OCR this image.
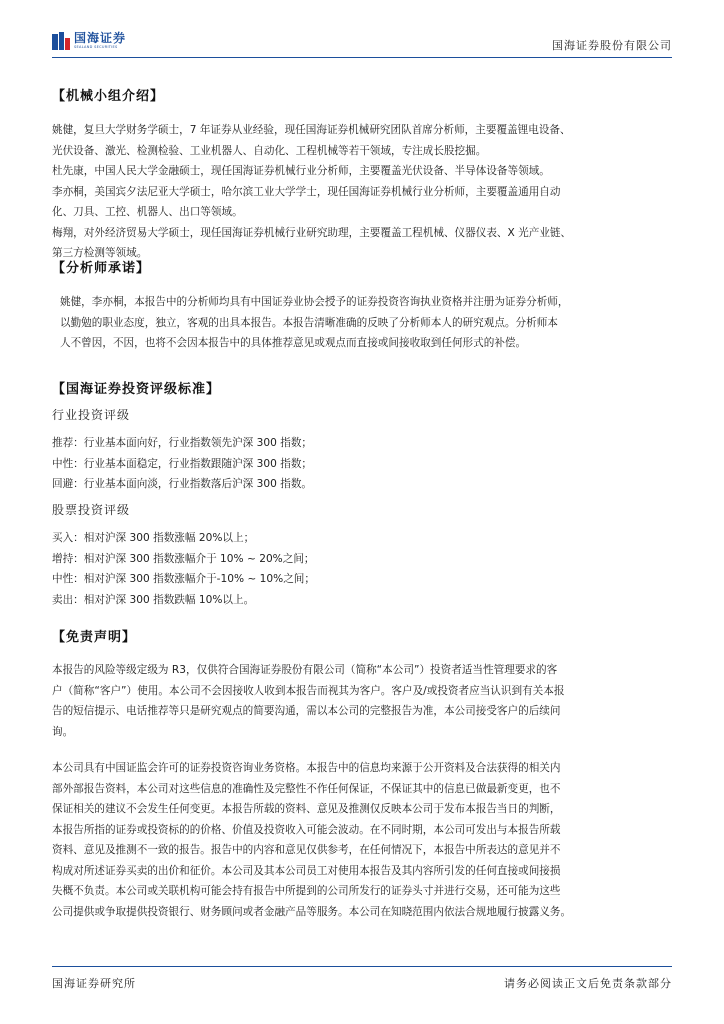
国海证券
SEALAND SECURITIES	国海证券股份有限公司
【机械小组介绍】
姚健，复旦大学财务学硕士，7 年证券从业经验，现任国海证券机械研究团队首席分析师，主要覆盖锂电设备、
光伏设备、激光、检测检验、工业机器人、自动化、工程机械等若干领域，专注成长股挖掘。
杜先康，中国人民大学金融硕士，现任国海证券机械行业分析师，主要覆盖光伏设备、半导体设备等领域。
李亦桐，美国宾夕法尼亚大学硕士，哈尔滨工业大学学士，现任国海证券机械行业分析师，主要覆盖通用自动
化、刀具、工控、机器人、出口等领域。
梅翔，对外经济贸易大学硕士，现任国海证券机械行业研究助理，主要覆盖工程机械、仪器仪表、X 光产业链、
第三方检测等领域。
【分析师承诺】
姚健，李亦桐，本报告中的分析师均具有中国证券业协会授予的证券投资咨询执业资格并注册为证券分析师，
以勤勉的职业态度，独立，客观的出具本报告。本报告清晰准确的反映了分析师本人的研究观点。分析师本
人不曾因，不因，也将不会因本报告中的具体推荐意见或观点而直接或间接收取到任何形式的补偿。
【国海证券投资评级标准】
行业投资评级
推荐：行业基本面向好，行业指数领先沪深 300 指数；
中性：行业基本面稳定，行业指数跟随沪深 300 指数；
回避：行业基本面向淡，行业指数落后沪深 300 指数。
股票投资评级
买入：相对沪深 300 指数涨幅 20%以上；
增持：相对沪深 300 指数涨幅介于 10% ~ 20%之间；
中性：相对沪深 300 指数涨幅介于-10% ~ 10%之间；
卖出：相对沪深 300 指数跌幅 10%以上。
【免责声明】
本报告的风险等级定级为 R3，仅供符合国海证券股份有限公司（简称“本公司”）投资者适当性管理要求的客
户（简称“客户”）使用。本公司不会因接收人收到本报告而视其为客户。客户及/或投资者应当认识到有关本报
告的短信提示、电话推荐等只是研究观点的简要沟通，需以本公司的完整报告为准，本公司接受客户的后续问
询。
本公司具有中国证监会许可的证券投资咨询业务资格。本报告中的信息均来源于公开资料及合法获得的相关内
部外部报告资料，本公司对这些信息的准确性及完整性不作任何保证，不保证其中的信息已做最新变更，也不
保证相关的建议不会发生任何变更。本报告所载的资料、意见及推测仅反映本公司于发布本报告当日的判断，
本报告所指的证券或投资标的的价格、价值及投资收入可能会波动。在不同时期，本公司可发出与本报告所载
资料、意见及推测不一致的报告。报告中的内容和意见仅供参考，在任何情况下，本报告中所表达的意见并不
构成对所述证券买卖的出价和征价。本公司及其本公司员工对使用本报告及其内容所引发的任何直接或间接损
失概不负责。本公司或关联机构可能会持有报告中所提到的公司所发行的证券头寸并进行交易，还可能为这些
公司提供或争取提供投资银行、财务顾问或者金融产品等服务。本公司在知晓范围内依法合规地履行披露义务。
国海证券研究所	请务必阅读正文后免责条款部分
